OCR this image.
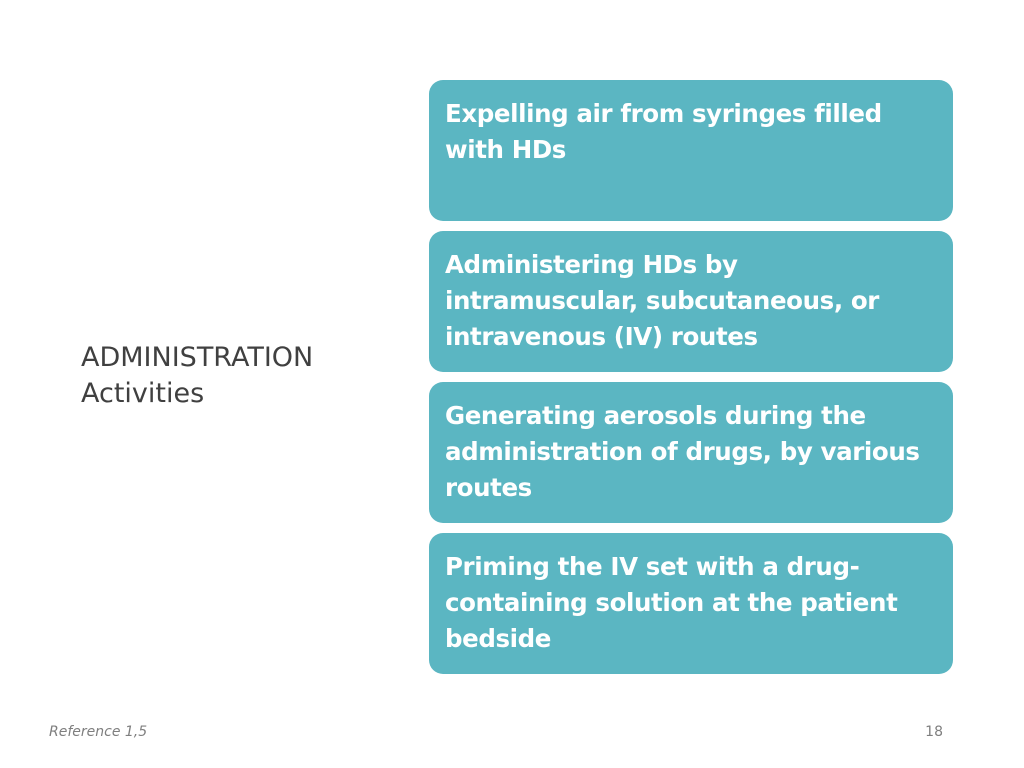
ADMINISTRATION
Activities
Expelling air from syringes filled with HDs
Administering HDs by intramuscular, subcutaneous, or intravenous (IV) routes
Generating aerosols during the administration of drugs, by various routes
Priming the IV set with a drug-containing solution at the patient bedside
Reference 1,5	18
